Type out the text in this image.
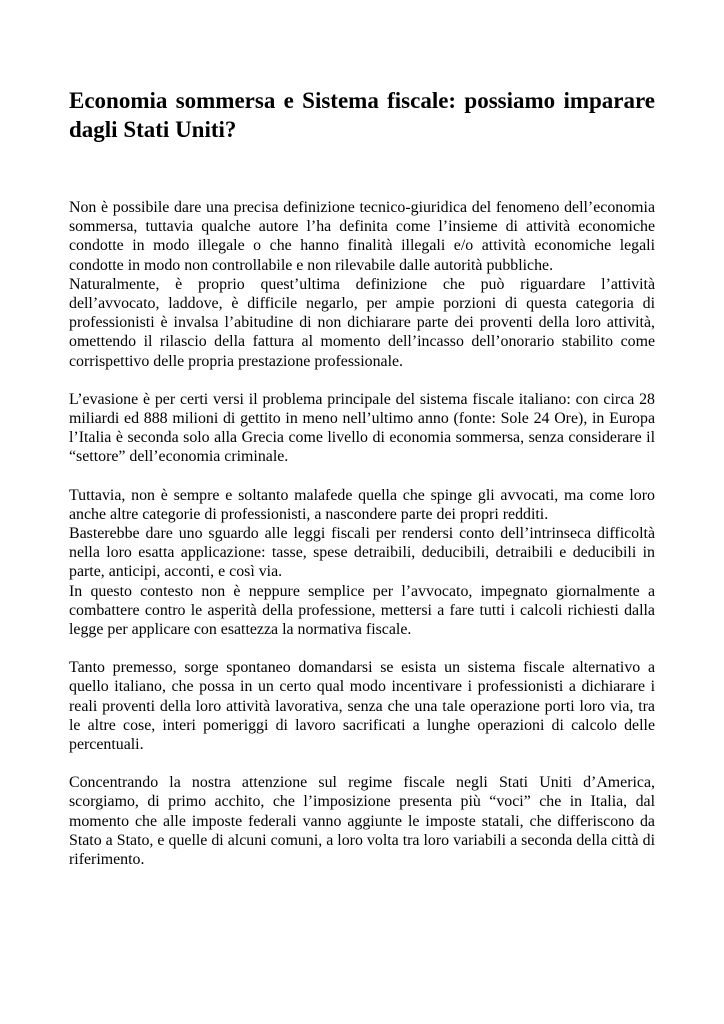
Economia sommersa e Sistema fiscale: possiamo imparare dagli Stati Uniti?

Non è possibile dare una precisa definizione tecnico-giuridica del fenomeno dell’economia sommersa, tuttavia qualche autore l’ha definita come l’insieme di attività economiche condotte in modo illegale o che hanno finalità illegali e/o attività economiche legali condotte in modo non controllabile e non rilevabile dalle autorità pubbliche.

Naturalmente, è proprio quest’ultima definizione che può riguardare l’attività dell’avvocato, laddove, è difficile negarlo, per ampie porzioni di questa categoria di professionisti è invalsa l’abitudine di non dichiarare parte dei proventi della loro attività, omettendo il rilascio della fattura al momento dell’incasso dell’onorario stabilito come corrispettivo delle propria prestazione professionale.

L’evasione è per certi versi il problema principale del sistema fiscale italiano: con circa 28 miliardi ed 888 milioni di gettito in meno nell’ultimo anno (fonte: Sole 24 Ore), in Europa l’Italia è seconda solo alla Grecia come livello di economia sommersa, senza considerare il “settore” dell’economia criminale.

Tuttavia, non è sempre e soltanto malafede quella che spinge gli avvocati, ma come loro anche altre categorie di professionisti, a nascondere parte dei propri redditi.

Basterebbe dare uno sguardo alle leggi fiscali per rendersi conto dell’intrinseca difficoltà nella loro esatta applicazione: tasse, spese detraibili, deducibili, detraibili e deducibili in parte, anticipi, acconti, e così via.

In questo contesto non è neppure semplice per l’avvocato, impegnato giornalmente a combattere contro le asperità della professione, mettersi a fare tutti i calcoli richiesti dalla legge per applicare con esattezza la normativa fiscale.

Tanto premesso, sorge spontaneo domandarsi se esista un sistema fiscale alternativo a quello italiano, che possa in un certo qual modo incentivare i professionisti a dichiarare i reali proventi della loro attività lavorativa, senza che una tale operazione porti loro via, tra le altre cose, interi pomeriggi di lavoro sacrificati a lunghe operazioni di calcolo delle percentuali.

Concentrando la nostra attenzione sul regime fiscale negli Stati Uniti d’America, scorgiamo, di primo acchito, che l’imposizione presenta più “voci” che in Italia, dal momento che alle imposte federali vanno aggiunte le imposte statali, che differiscono da Stato a Stato, e quelle di alcuni comuni, a loro volta tra loro variabili a seconda della città di riferimento.
